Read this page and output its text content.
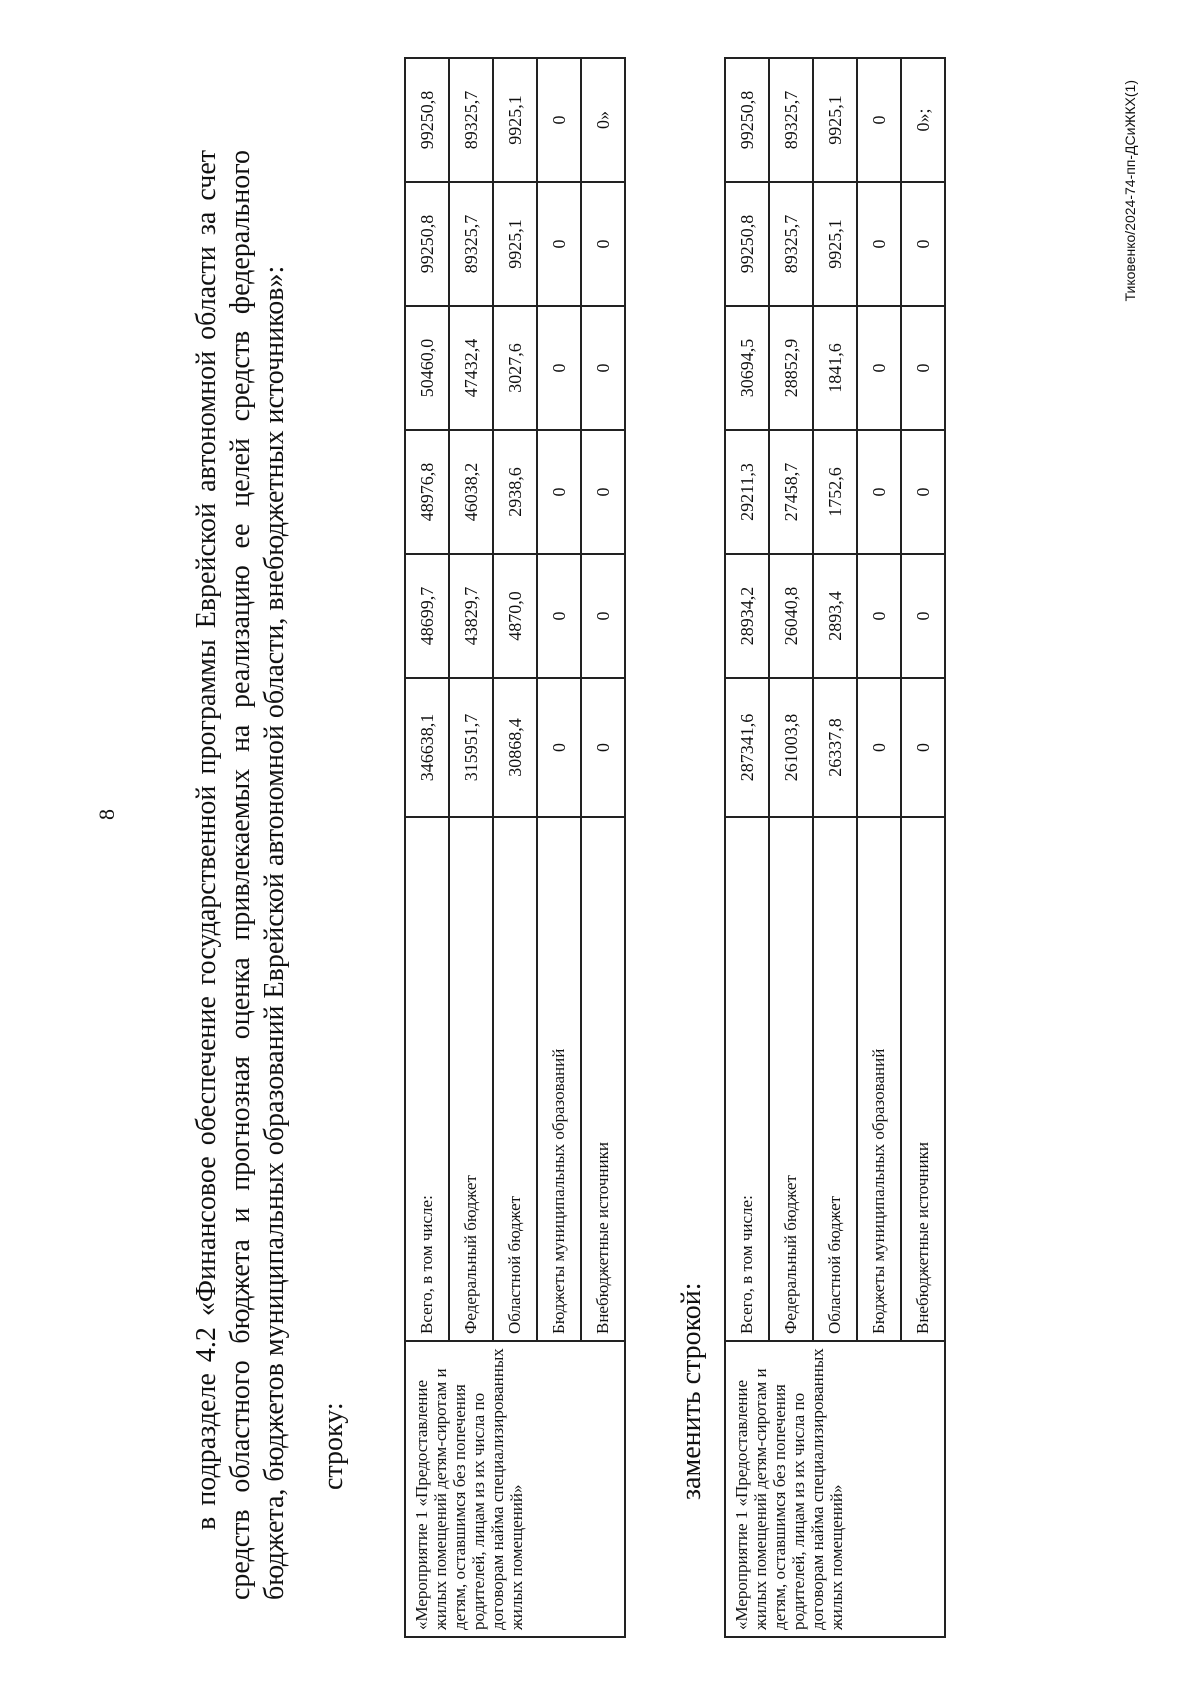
8	в подразделе 4.2 «Финансовое обеспечение государственной программы Еврейской автономной области за счет средств областного бюджета и прогнозная оценка привлекаемых на реализацию ее целей средств федерального бюджета, бюджетов муниципальных образований Еврейской автономной области, внебюджетных источников»: строку:	«Мероприятие 1 «Предоставление жилых помещений детям-сиротам и детям, оставшимся без попечения родителей, лицам из их числа по договорам найма специализированных жилых помещений»	Всего, в том числе:	346638,1	48699,7	48976,8	50460,0	99250,8	99250,8
	Федеральный бюджет	315951,7	43829,7	46038,2	47432,4	89325,7	89325,7
	Областной бюджет	30868,4	4870,0	2938,6	3027,6	9925,1	9925,1
	Бюджеты муниципальных образований	0	0	0	0	0	0
	Внебюджетные источники	0	0	0	0	0	0»
заменить строкой: «Мероприятие 1 «Предоставление жилых помещений детям-сиротам и детям, оставшимся без попечения родителей, лицам из их числа по договорам найма специализированных жилых помещений»	Всего, в том числе:	287341,6	28934,2	29211,3	30694,5	99250,8	99250,8
	Федеральный бюджет	261003,8	26040,8	27458,7	28852,9	89325,7	89325,7
	Областной бюджет	26337,8	2893,4	1752,6	1841,6	9925,1	9925,1
	Бюджеты муниципальных образований	0	0	0	0	0	0
	Внебюджетные источники	0	0	0	0	0	0»;	Тиковенко/2024-74-пп-ДСиЖКХ(1)
